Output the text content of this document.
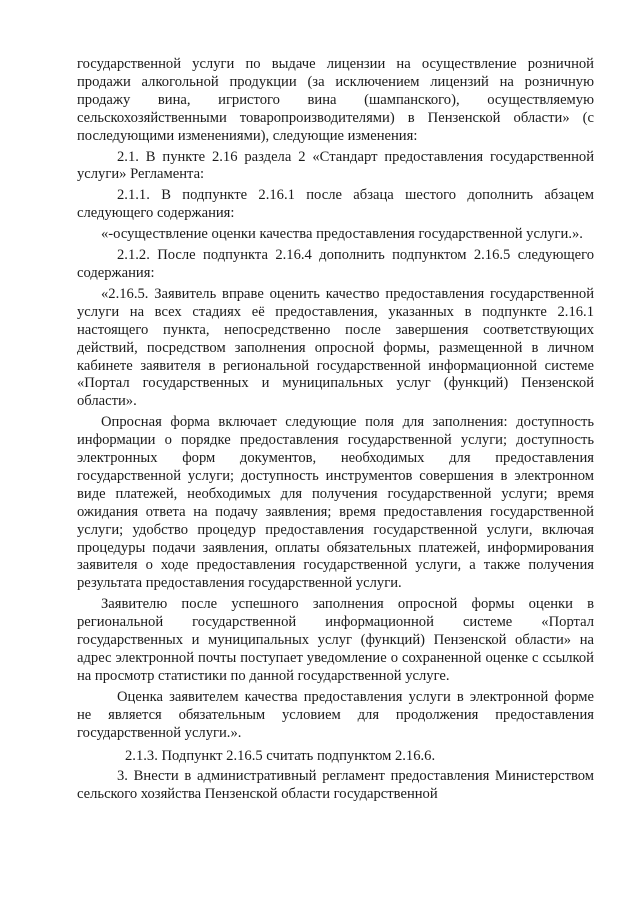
государственной услуги по выдаче лицензии на осуществление розничной продажи алкогольной продукции (за исключением лицензий на розничную продажу вина, игристого вина (шампанского), осуществляемую сельскохозяйственными товаропроизводителями) в Пензенской области» (с последующими изменениями), следующие изменения:

2.1. В пункте 2.16 раздела 2 «Стандарт предоставления государственной услуги» Регламента:

2.1.1. В подпункте 2.16.1 после абзаца шестого дополнить абзацем следующего содержания:

«-осуществление оценки качества предоставления государственной услуги.».

2.1.2. После подпункта 2.16.4 дополнить подпунктом 2.16.5 следующего содержания:

«2.16.5. Заявитель вправе оценить качество предоставления государственной услуги на всех стадиях её предоставления, указанных в подпункте 2.16.1 настоящего пункта, непосредственно после завершения соответствующих действий, посредством заполнения опросной формы, размещенной в личном кабинете заявителя в региональной государственной информационной системе «Портал государственных и муниципальных услуг (функций) Пензенской области».

Опросная форма включает следующие поля для заполнения: доступность информации о порядке предоставления государственной услуги; доступность электронных форм документов, необходимых для предоставления государственной услуги; доступность инструментов совершения в электронном виде платежей, необходимых для получения государственной услуги; время ожидания ответа на подачу заявления; время предоставления государственной услуги; удобство процедур предоставления государственной услуги, включая процедуры подачи заявления, оплаты обязательных платежей, информирования заявителя о ходе предоставления государственной услуги, а также получения результата предоставления государственной услуги.

Заявителю после успешного заполнения опросной формы оценки в региональной государственной информационной системе «Портал государственных и муниципальных услуг (функций) Пензенской области» на адрес электронной почты поступает уведомление о сохраненной оценке с ссылкой на просмотр статистики по данной государственной услуге.

Оценка заявителем качества предоставления услуги в электронной форме не является обязательным условием для продолжения предоставления государственной услуги.».

2.1.3. Подпункт 2.16.5 считать подпунктом 2.16.6.

3. Внести в административный регламент предоставления Министерством сельского хозяйства Пензенской области государственной
